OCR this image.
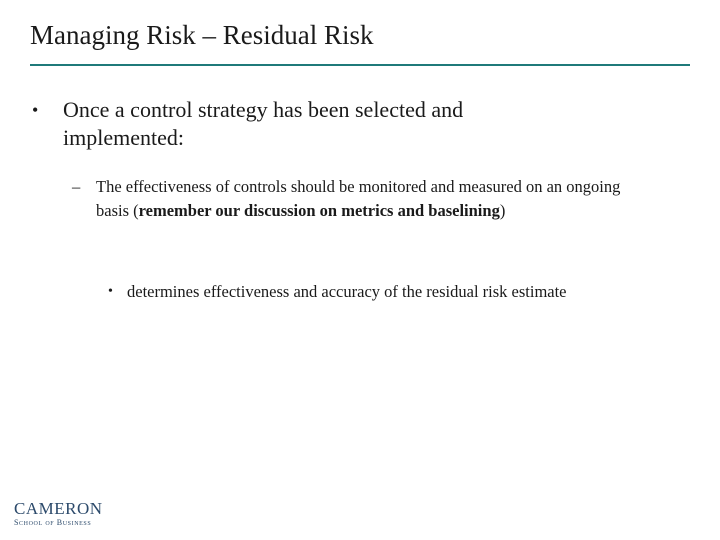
Managing Risk – Residual Risk
• Once a control strategy has been selected and implemented:
– The effectiveness of controls should be monitored and measured on an ongoing basis (remember our discussion on metrics and baselining)
• determines effectiveness and accuracy of the residual risk estimate
CAMERON
School of Business
